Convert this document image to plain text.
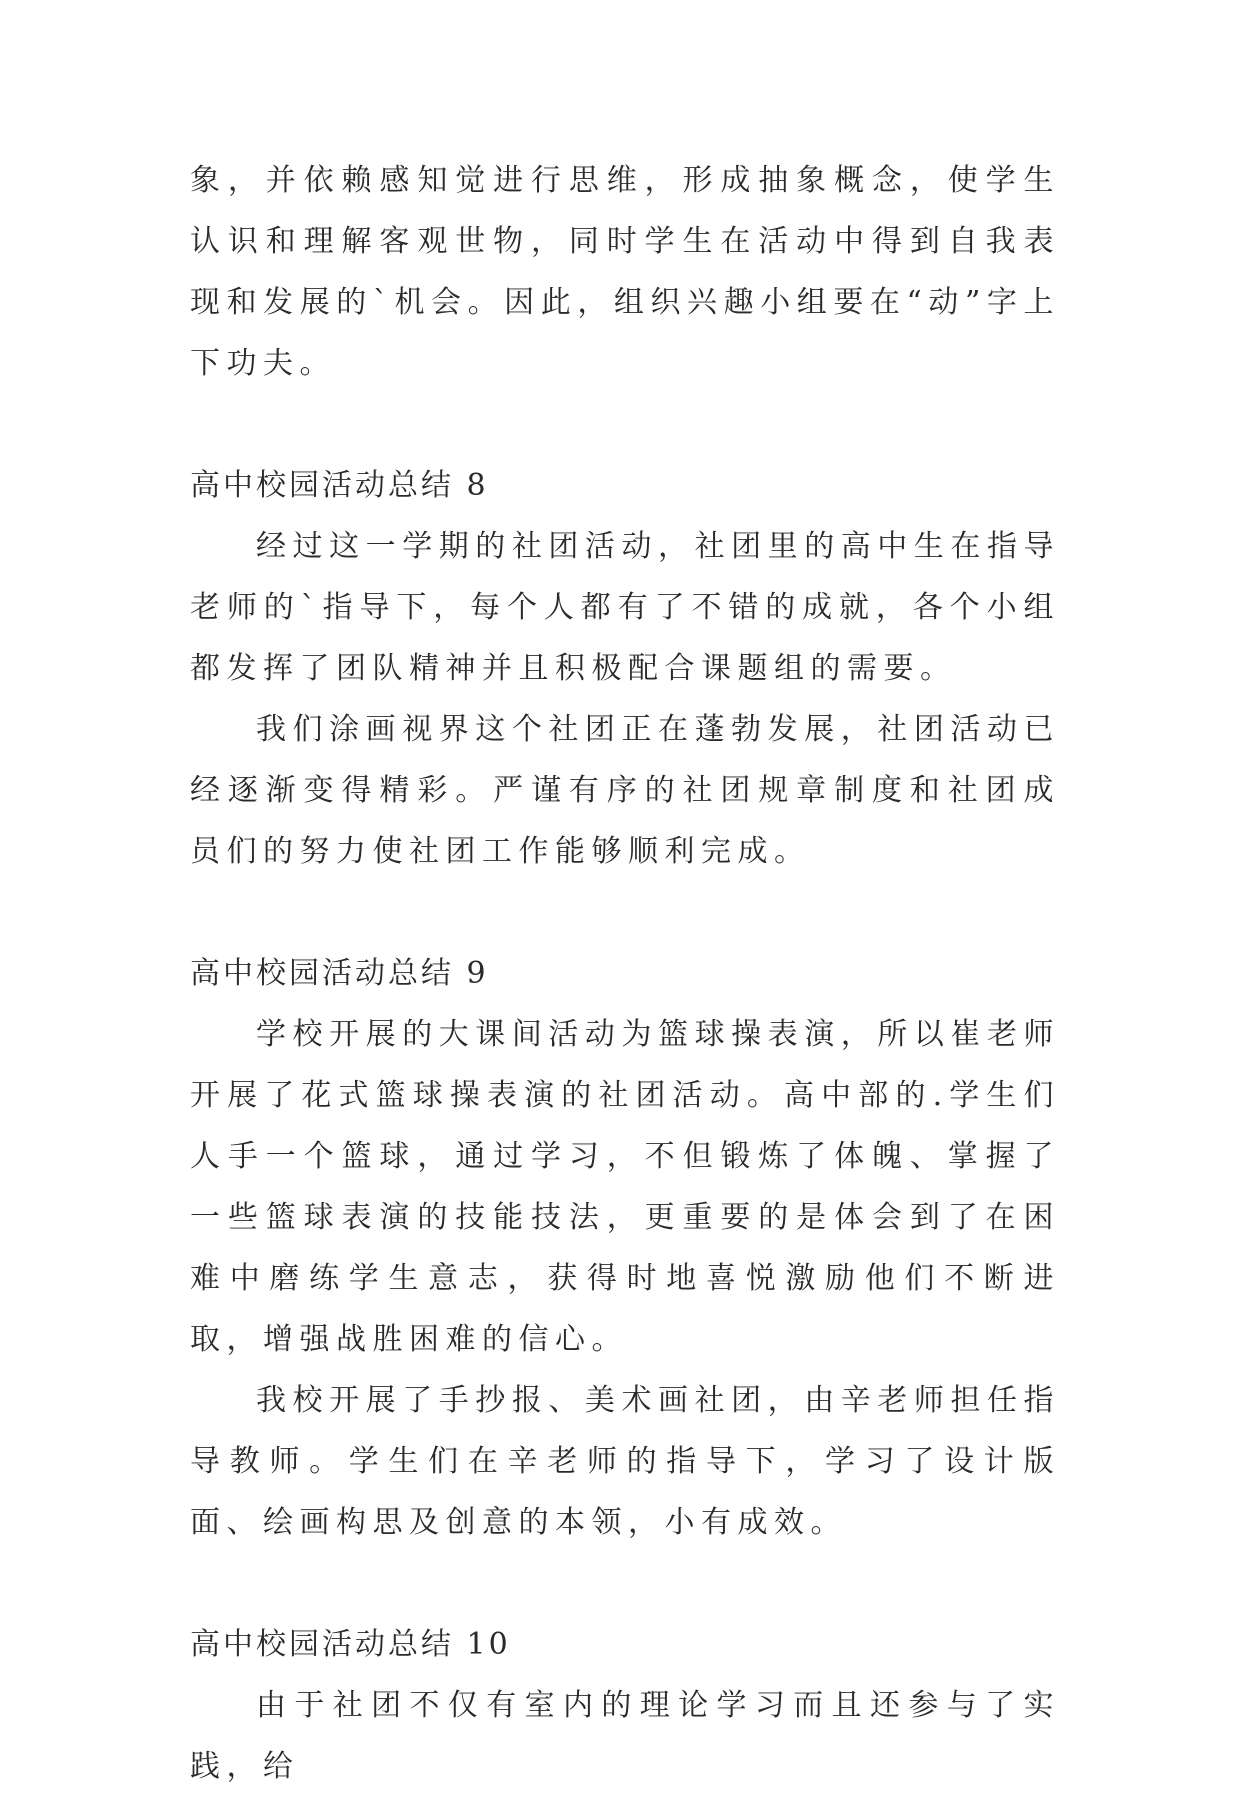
象，并依赖感知觉进行思维，形成抽象概念，使学生认识和理解客观世物，同时学生在活动中得到自我表现和发展的`机会。因此，组织兴趣小组要在“动”字上下功夫。

高中校园活动总结 8

经过这一学期的社团活动，社团里的高中生在指导老师的`指导下，每个人都有了不错的成就，各个小组都发挥了团队精神并且积极配合课题组的需要。

我们涂画视界这个社团正在蓬勃发展，社团活动已经逐渐变得精彩。严谨有序的社团规章制度和社团成员们的努力使社团工作能够顺利完成。

高中校园活动总结 9

学校开展的大课间活动为篮球操表演，所以崔老师开展了花式篮球操表演的社团活动。高中部的.学生们人手一个篮球，通过学习，不但锻炼了体魄、掌握了一些篮球表演的技能技法，更重要的是体会到了在困难中磨练学生意志，获得时地喜悦激励他们不断进取，增强战胜困难的信心。

我校开展了手抄报、美术画社团，由辛老师担任指导教师。学生们在辛老师的指导下，学习了设计版面、绘画构思及创意的本领，小有成效。

高中校园活动总结 10

由于社团不仅有室内的理论学习而且还参与了实践，给
